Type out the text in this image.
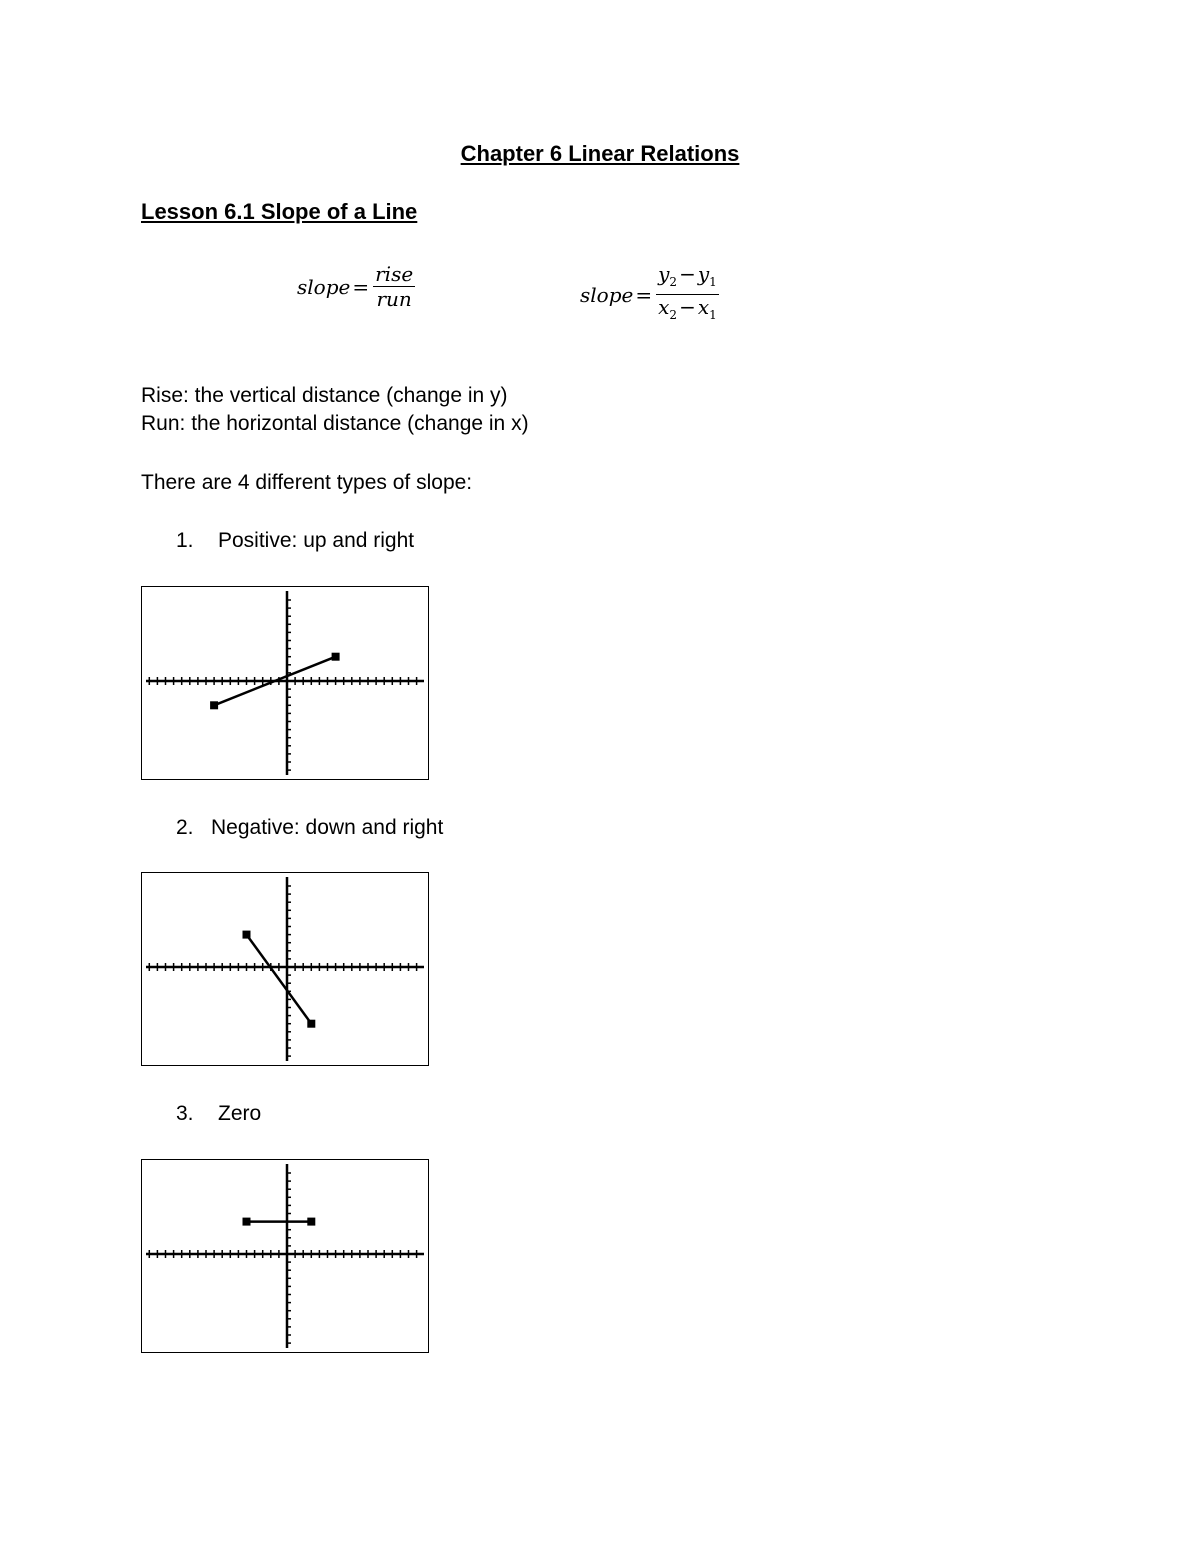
Chapter 6 Linear Relations
Lesson 6.1 Slope of a Line
slope = $\frac{\text{rise}}{\text{run}}$	slope = $\frac{y_2 - y_1}{x_2 - x_1}$
Rise: the vertical distance (change in y)
Run: the horizontal distance (change in x)
There are 4 different types of slope:
1. Positive: up and right
2. Negative: down and right
3. Zero
